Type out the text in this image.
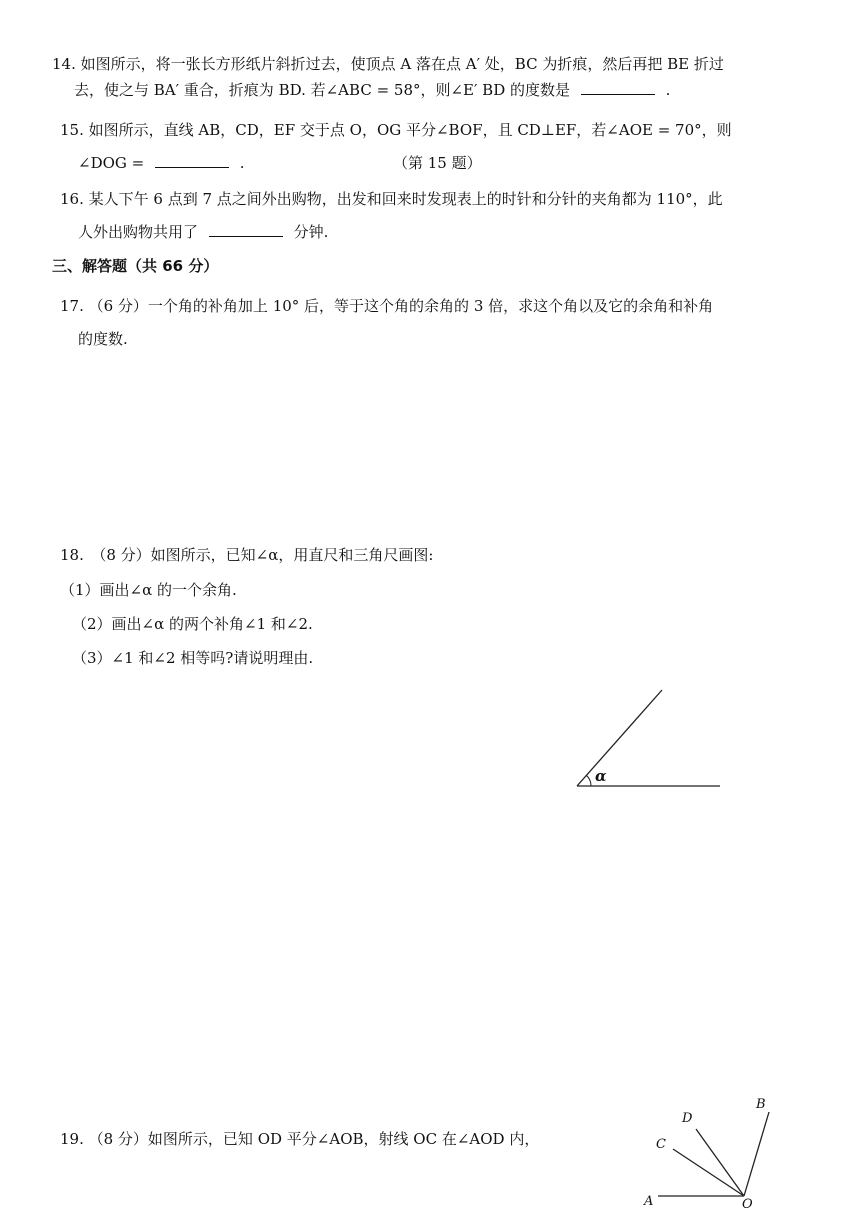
14. 如图所示，将一张长方形纸片斜折过去，使顶点 A 落在点 A′ 处，BC 为折痕，然后再把 BE 折过
去，使之与 BA′ 重合，折痕为 BD. 若∠ABC = 58°，则∠E′ BD 的度数是	.
15. 如图所示，直线 AB，CD，EF 交于点 O，OG 平分∠BOF，且 CD⊥EF，若∠AOE = 70°，则
∠DOG =	.	（第 15 题）
16. 某人下午 6 点到 7 点之间外出购物，出发和回来时发现表上的时针和分针的夹角都为 110°，此
人外出购物共用了	分钟.
三、解答题（共 66 分）
17. （6 分）一个角的补角加上 10° 后，等于这个角的余角的 3 倍，求这个角以及它的余角和补角
的度数.
18.　（8 分）如图所示，已知∠α，用直尺和三角尺画图:
（1）画出∠α 的一个余角.
（2）画出∠α 的两个补角∠1 和∠2.
（3）∠1 和∠2 相等吗?请说明理由.
α
19. （8 分）如图所示，已知 OD 平分∠AOB，射线 OC 在∠AOD 内，
A	O
B
D
C
